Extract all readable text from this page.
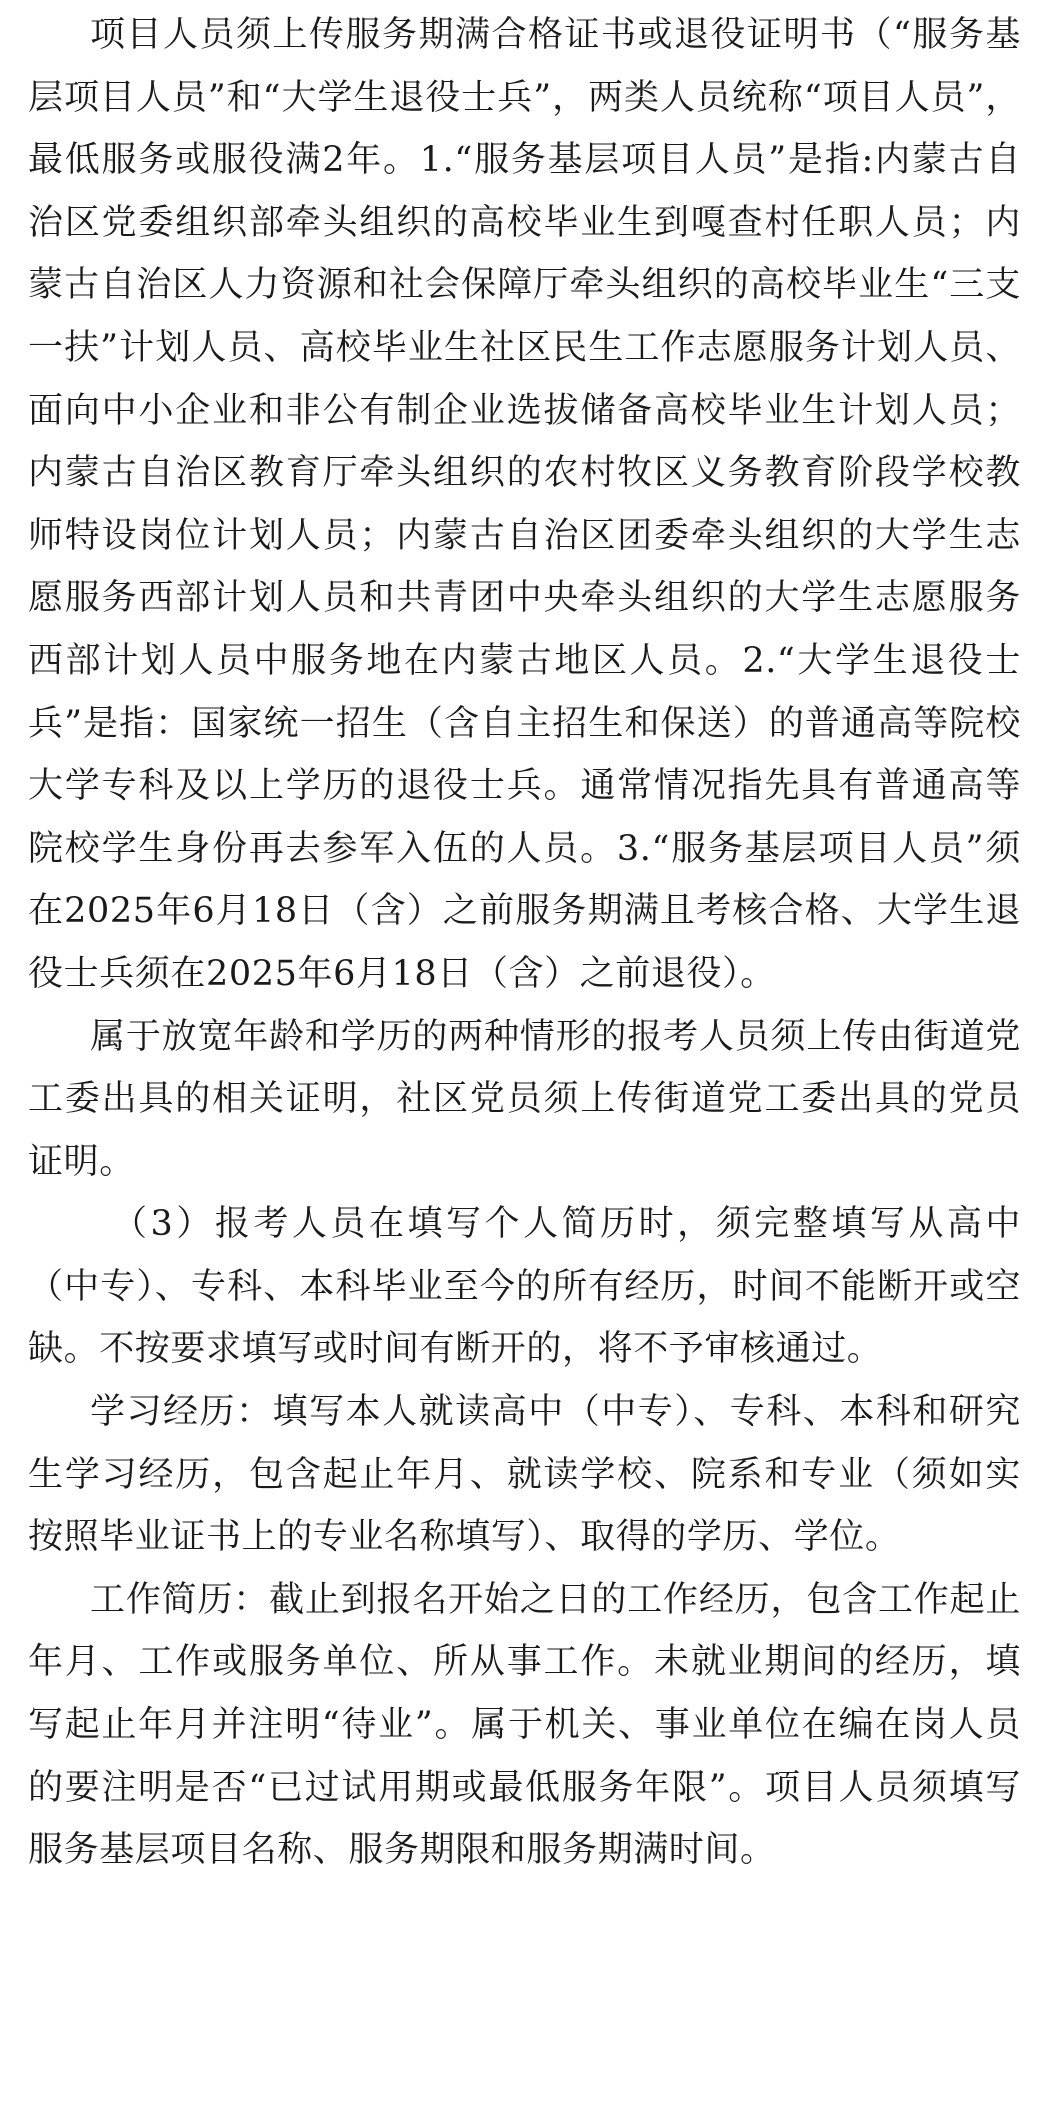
项目人员须上传服务期满合格证书或退役证明书（“服务基层项目人员”和“大学生退役士兵”，两类人员统称“项目人员”，最低服务或服役满2年。1.“服务基层项目人员”是指:内蒙古自治区党委组织部牵头组织的高校毕业生到嘎查村任职人员；内蒙古自治区人力资源和社会保障厅牵头组织的高校毕业生“三支一扶”计划人员、高校毕业生社区民生工作志愿服务计划人员、面向中小企业和非公有制企业选拔储备高校毕业生计划人员；内蒙古自治区教育厅牵头组织的农村牧区义务教育阶段学校教师特设岗位计划人员；内蒙古自治区团委牵头组织的大学生志愿服务西部计划人员和共青团中央牵头组织的大学生志愿服务西部计划人员中服务地在内蒙古地区人员。2.“大学生退役士兵”是指：国家统一招生（含自主招生和保送）的普通高等院校大学专科及以上学历的退役士兵。通常情况指先具有普通高等院校学生身份再去参军入伍的人员。3.“服务基层项目人员”须在2025年6月18日（含）之前服务期满且考核合格、大学生退役士兵须在2025年6月18日（含）之前退役）。

属于放宽年龄和学历的两种情形的报考人员须上传由街道党工委出具的相关证明，社区党员须上传街道党工委出具的党员证明。

（3）报考人员在填写个人简历时，须完整填写从高中（中专）、专科、本科毕业至今的所有经历，时间不能断开或空缺。不按要求填写或时间有断开的，将不予审核通过。

学习经历：填写本人就读高中（中专）、专科、本科和研究生学习经历，包含起止年月、就读学校、院系和专业（须如实按照毕业证书上的专业名称填写）、取得的学历、学位。

工作简历：截止到报名开始之日的工作经历，包含工作起止年月、工作或服务单位、所从事工作。未就业期间的经历，填写起止年月并注明“待业”。属于机关、事业单位在编在岗人员的要注明是否“已过试用期或最低服务年限”。项目人员须填写服务基层项目名称、服务期限和服务期满时间。
